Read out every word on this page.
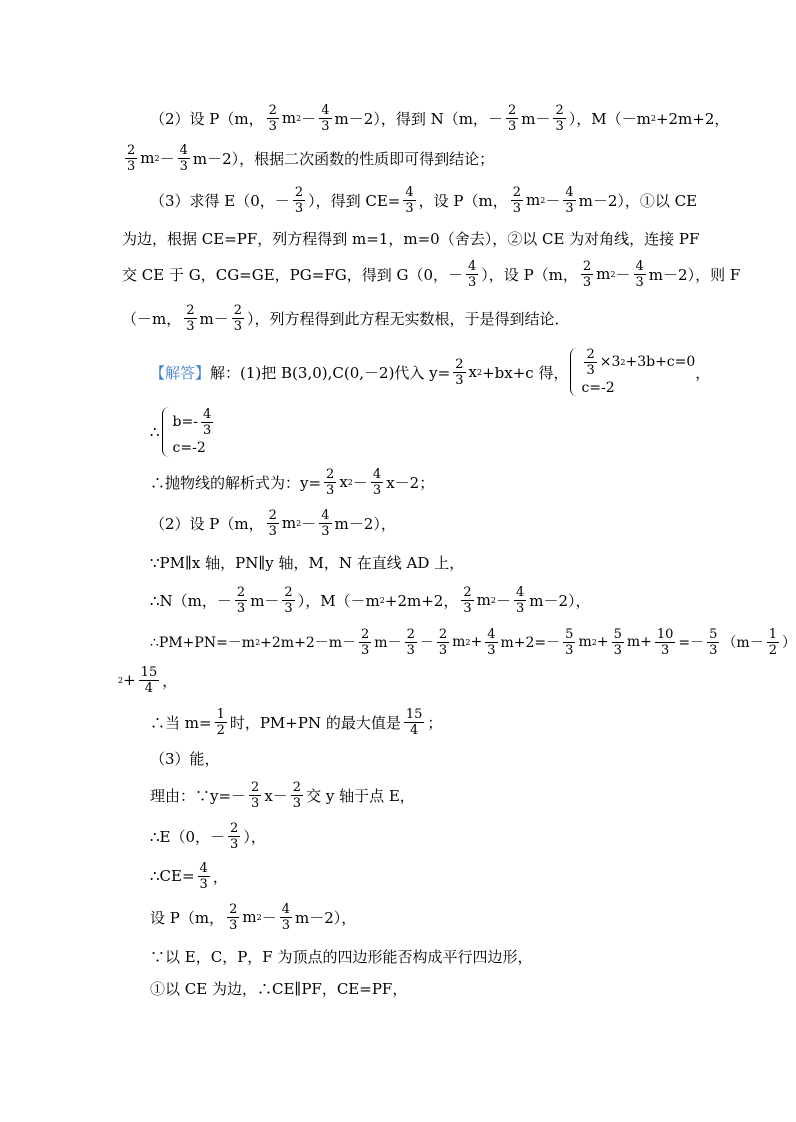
（2）设 P（m， $\frac{2}{3}$ m $2 - \frac{4}{3} m-2$），得到 N（m，－ $\frac{2}{3} m- \frac{2}{3}$ ），M（－m 2 +2m+2，
$\frac{2}{3}$ m $2 - \frac{4}{3} m-2$），根据二次函数的性质即可得到结论；
（3）求得 E（0，－ $\frac{2}{3}$ ），得到 $CE= \frac{4}{3}$ ，设 P（m， $\frac{2}{3}$ m $2 - \frac{4}{3} m-2$），①以 CE
为边，根据 CE=PF，列方程得到 m=1，m=0（舍去），②以 CE 为对角线，连接 PF
交 CE 于 G，CG=GE，PG=FG，得到 G（0，－ $\frac{4}{3}$ ），设 P（m， $\frac{2}{3}$ m $2 - \frac{4}{3} m-2$），则 F
（－m， $\frac{2}{3} m- \frac{2}{3}$ ），列方程得到此方程无实数根，于是得到结论．
【解答】 解：(1)把 B(3,0),C(0,－2)代入 $y= \frac{2}{3}$ x 2 +bx+c 得， $\frac{2}{3} \times 3$ 2 +3b+c=0
c=-2
，
∴
$b=- \frac{4}{3}$
c=-2
∴抛物线的解析式为：$y= \frac{2}{3}$ x $2 - \frac{4}{3} x-2$；
（2）设 P（m， $\frac{2}{3}$ m $2 - \frac{4}{3} m-2$），
∵PM∥x 轴，PN∥y 轴，M，N 在直线 AD 上，
∴N（m，－ $\frac{2}{3} m- \frac{2}{3}$ ），M（－m 2 +2m+2， $\frac{2}{3}$ m $2 - \frac{4}{3} m-2$），
∴PM+PN=－m $2 +2m+2-m- \frac{2}{3} m- \frac{2}{3} - \frac{2}{3}$ m $2 + \frac{4}{3} m+2=- \frac{5}{3}$ m $2 + \frac{5}{3} m+ \frac{10}{3} =- \frac{5}{3} (m- \frac{1}{2}$ ）
$2 + \frac{15}{4}$ ，
∴当 $m= \frac{1}{2}$ 时，PM+PN 的最大值是 $\frac{15}{4}$ ；
（3）能，
理由：∵y=－ $\frac{2}{3} x- \frac{2}{3}$ 交 y 轴于点 E，
∴E（0，－ $\frac{2}{3}$ ），
∴CE= $\frac{4}{3}$ ，
设 P（m， $\frac{2}{3}$ m $2 - \frac{4}{3} m-2$），
∵以 E，C，P，F 为顶点的四边形能否构成平行四边形，
①以 CE 为边，∴CE∥PF，CE=PF，
